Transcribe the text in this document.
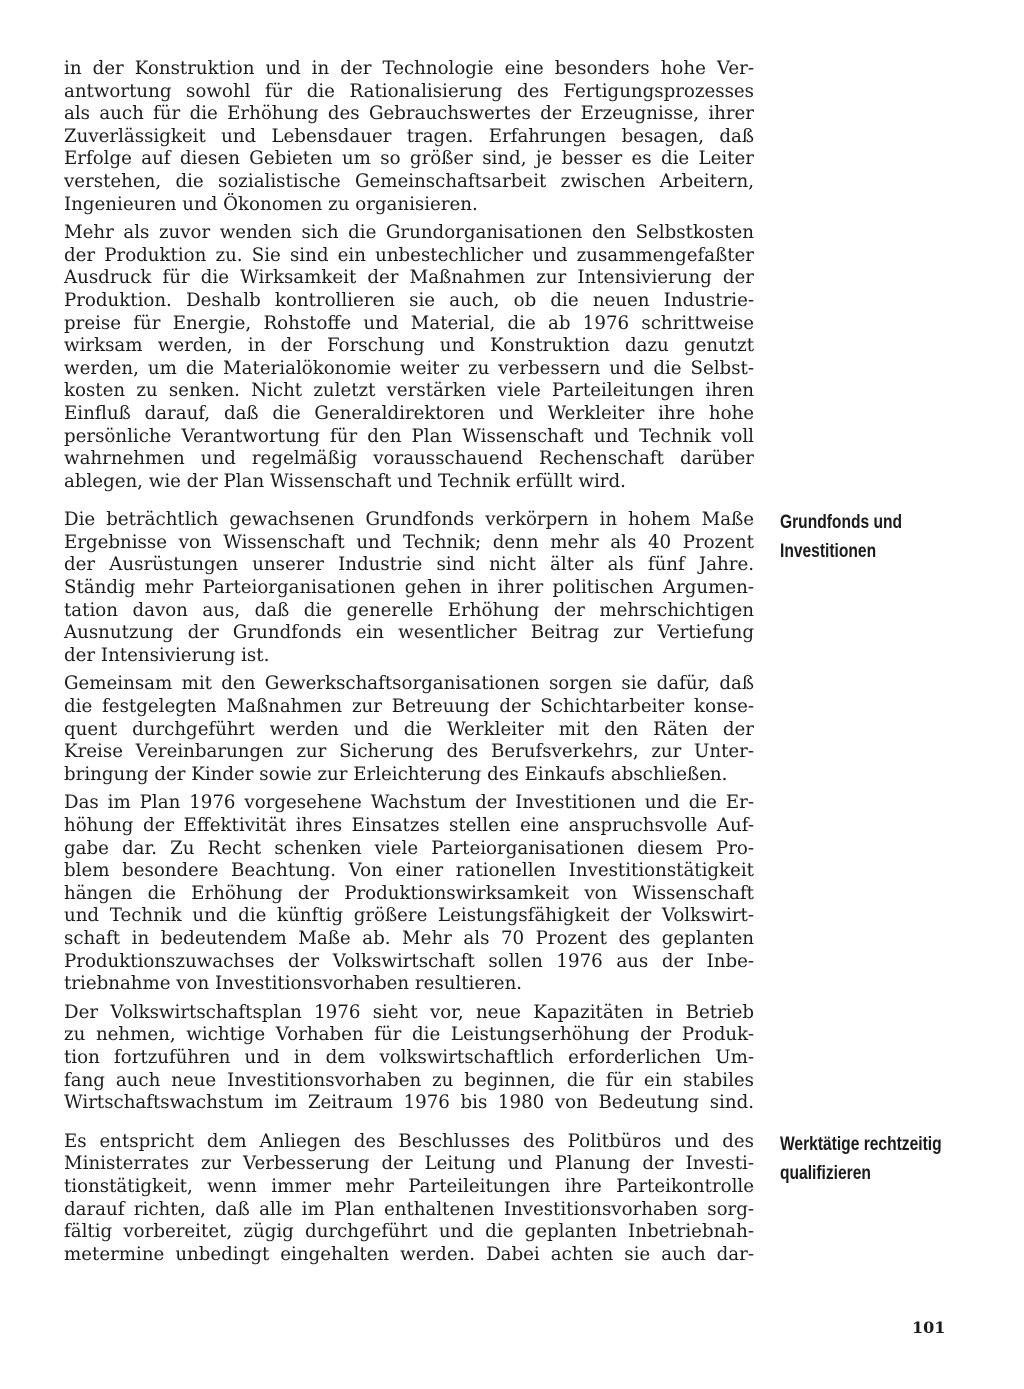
in der Konstruktion und in der Technologie eine besonders hohe Ver-
antwortung sowohl für die Rationalisierung des Fertigungsprozesses
als auch für die Erhöhung des Gebrauchswertes der Erzeugnisse, ihrer
Zuverlässigkeit und Lebensdauer tragen. Erfahrungen besagen, daß
Erfolge auf diesen Gebieten um so größer sind, je besser es die Leiter
verstehen, die sozialistische Gemeinschaftsarbeit zwischen Arbeitern,
Ingenieuren und Ökonomen zu organisieren.

Mehr als zuvor wenden sich die Grundorganisationen den Selbstkosten
der Produktion zu. Sie sind ein unbestechlicher und zusammengefaßter
Ausdruck für die Wirksamkeit der Maßnahmen zur Intensivierung der
Produktion. Deshalb kontrollieren sie auch, ob die neuen Industrie-
preise für Energie, Rohstoffe und Material, die ab 1976 schrittweise
wirksam werden, in der Forschung und Konstruktion dazu genutzt
werden, um die Materialökonomie weiter zu verbessern und die Selbst-
kosten zu senken. Nicht zuletzt verstärken viele Parteileitungen ihren
Einfluß darauf, daß die Generaldirektoren und Werkleiter ihre hohe
persönliche Verantwortung für den Plan Wissenschaft und Technik voll
wahrnehmen und regelmäßig vorausschauend Rechenschaft darüber
ablegen, wie der Plan Wissenschaft und Technik erfüllt wird.

Die beträchtlich gewachsenen Grundfonds verkörpern in hohem Maße
Ergebnisse von Wissenschaft und Technik; denn mehr als 40 Prozent
der Ausrüstungen unserer Industrie sind nicht älter als fünf Jahre.
Ständig mehr Parteiorganisationen gehen in ihrer politischen Argumen-
tation davon aus, daß die generelle Erhöhung der mehrschichtigen
Ausnutzung der Grundfonds ein wesentlicher Beitrag zur Vertiefung
der Intensivierung ist.

Gemeinsam mit den Gewerkschaftsorganisationen sorgen sie dafür, daß
die festgelegten Maßnahmen zur Betreuung der Schichtarbeiter konse-
quent durchgeführt werden und die Werkleiter mit den Räten der
Kreise Vereinbarungen zur Sicherung des Berufsverkehrs, zur Unter-
bringung der Kinder sowie zur Erleichterung des Einkaufs abschließen.

Das im Plan 1976 vorgesehene Wachstum der Investitionen und die Er-
höhung der Effektivität ihres Einsatzes stellen eine anspruchsvolle Auf-
gabe dar. Zu Recht schenken viele Parteiorganisationen diesem Pro-
blem besondere Beachtung. Von einer rationellen Investitionstätigkeit
hängen die Erhöhung der Produktionswirksamkeit von Wissenschaft
und Technik und die künftig größere Leistungsfähigkeit der Volkswirt-
schaft in bedeutendem Maße ab. Mehr als 70 Prozent des geplanten
Produktionszuwachses der Volkswirtschaft sollen 1976 aus der Inbe-
triebnahme von Investitionsvorhaben resultieren.

Der Volkswirtschaftsplan 1976 sieht vor, neue Kapazitäten in Betrieb
zu nehmen, wichtige Vorhaben für die Leistungserhöhung der Produk-
tion fortzuführen und in dem volkswirtschaftlich erforderlichen Um-
fang auch neue Investitionsvorhaben zu beginnen, die für ein stabiles
Wirtschaftswachstum im Zeitraum 1976 bis 1980 von Bedeutung sind.

Es entspricht dem Anliegen des Beschlusses des Politbüros und des
Ministerrates zur Verbesserung der Leitung und Planung der Investi-
tionstätigkeit, wenn immer mehr Parteileitungen ihre Parteikontrolle
darauf richten, daß alle im Plan enthaltenen Investitionsvorhaben sorg-
fältig vorbereitet, zügig durchgeführt und die geplanten Inbetriebnah-
metermine unbedingt eingehalten werden. Dabei achten sie auch dar-

Grundfonds und
Investitionen
Werktätige rechtzeitig
qualifizieren
101
